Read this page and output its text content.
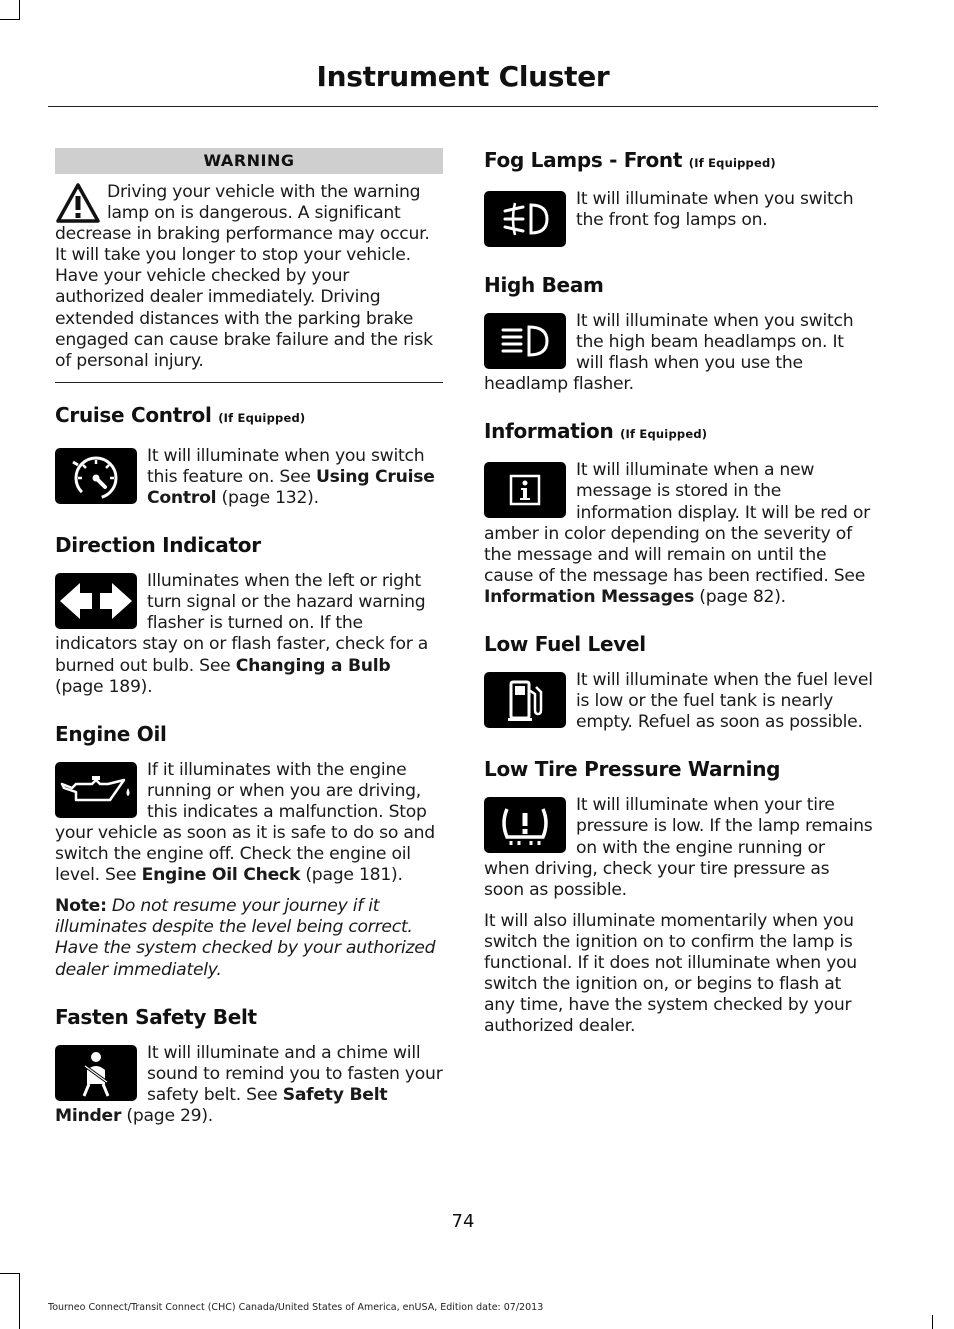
Instrument Cluster
WARNING
Driving your vehicle with the warning lamp on is dangerous. A significant decrease in braking performance may occur. It will take you longer to stop your vehicle. Have your vehicle checked by your authorized dealer immediately. Driving extended distances with the parking brake engaged can cause brake failure and the risk of personal injury.
Cruise Control (If Equipped)
It will illuminate when you switch this feature on. See Using Cruise Control (page 132).
Direction Indicator
Illuminates when the left or right turn signal or the hazard warning flasher is turned on. If the indicators stay on or flash faster, check for a burned out bulb. See Changing a Bulb (page 189).
Engine Oil
If it illuminates with the engine running or when you are driving, this indicates a malfunction. Stop your vehicle as soon as it is safe to do so and switch the engine off. Check the engine oil level. See Engine Oil Check (page 181).
Note: Do not resume your journey if it illuminates despite the level being correct. Have the system checked by your authorized dealer immediately.
Fasten Safety Belt
It will illuminate and a chime will sound to remind you to fasten your safety belt. See Safety Belt Minder (page 29).
Fog Lamps - Front (If Equipped)
It will illuminate when you switch the front fog lamps on.
High Beam
It will illuminate when you switch the high beam headlamps on. It will flash when you use the headlamp flasher.
Information (If Equipped)
It will illuminate when a new message is stored in the information display. It will be red or amber in color depending on the severity of the message and will remain on until the cause of the message has been rectified. See Information Messages (page 82).
Low Fuel Level
It will illuminate when the fuel level is low or the fuel tank is nearly empty. Refuel as soon as possible.
Low Tire Pressure Warning
It will illuminate when your tire pressure is low. If the lamp remains on with the engine running or when driving, check your tire pressure as soon as possible.
It will also illuminate momentarily when you switch the ignition on to confirm the lamp is functional. If it does not illuminate when you switch the ignition on, or begins to flash at any time, have the system checked by your authorized dealer.
74
Tourneo Connect/Transit Connect (CHC) Canada/United States of America, enUSA, Edition date: 07/2013
